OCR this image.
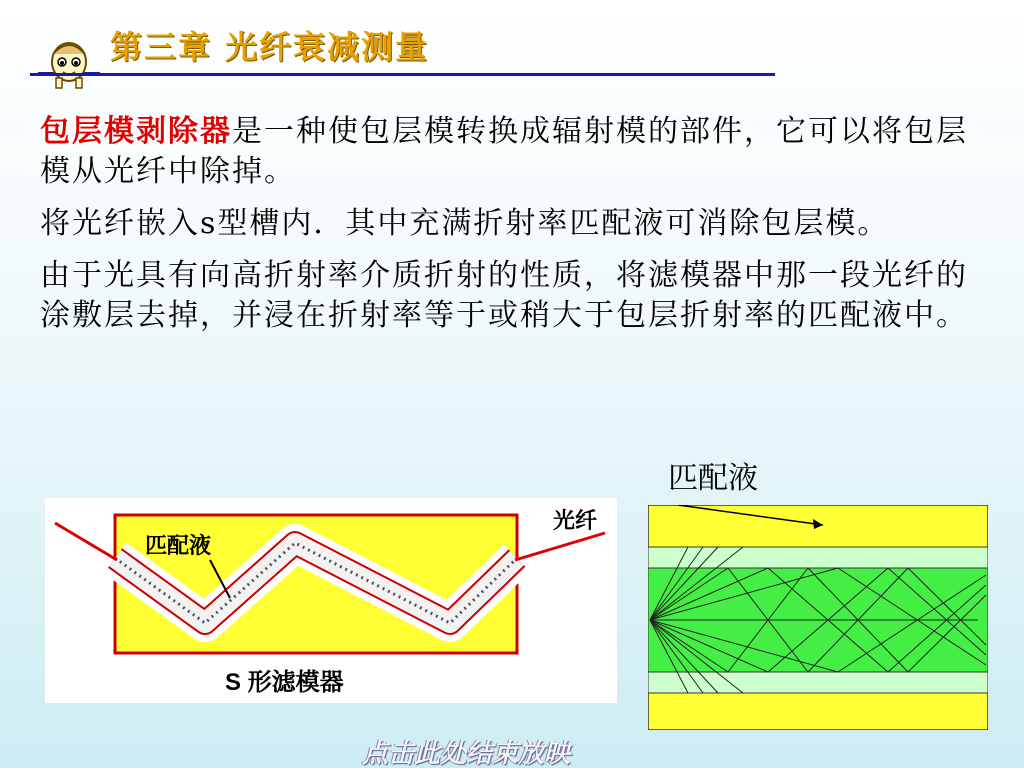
第三章 光纤衰减测量

包层模剥除器是一种使包层模转换成辐射模的部件，它可以将包层模从光纤中除掉。

将光纤嵌入s型槽内．其中充满折射率匹配液可消除包层模。

由于光具有向高折射率介质折射的性质，将滤模器中那一段光纤的涂敷层去掉，并浸在折射率等于或稍大于包层折射率的匹配液中。

匹配液
匹配液
光纤
S 形滤模器
点击此处结束放映
